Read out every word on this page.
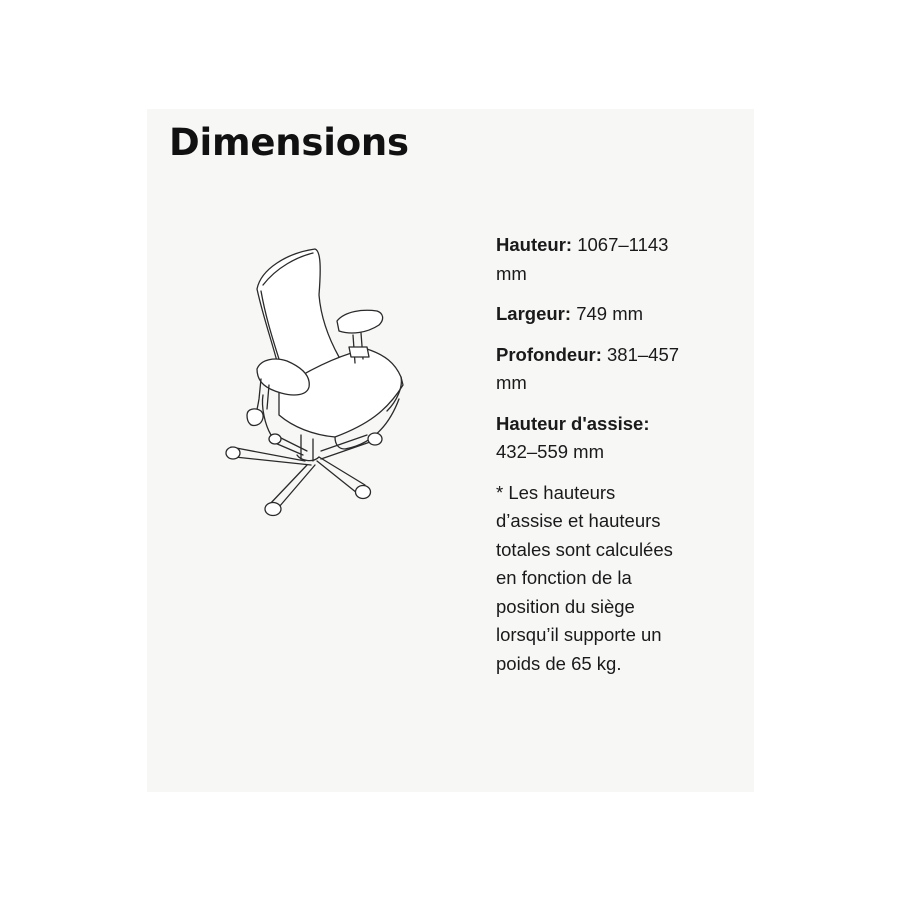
Dimensions

Hauteur: 1067–1143 mm

Largeur: 749 mm

Profondeur: 381–457 mm

Hauteur d'assise: 432–559 mm

* Les hauteurs d’assise et hauteurs totales sont calculées en fonction de la position du siège lorsqu’il supporte un poids de 65 kg.
